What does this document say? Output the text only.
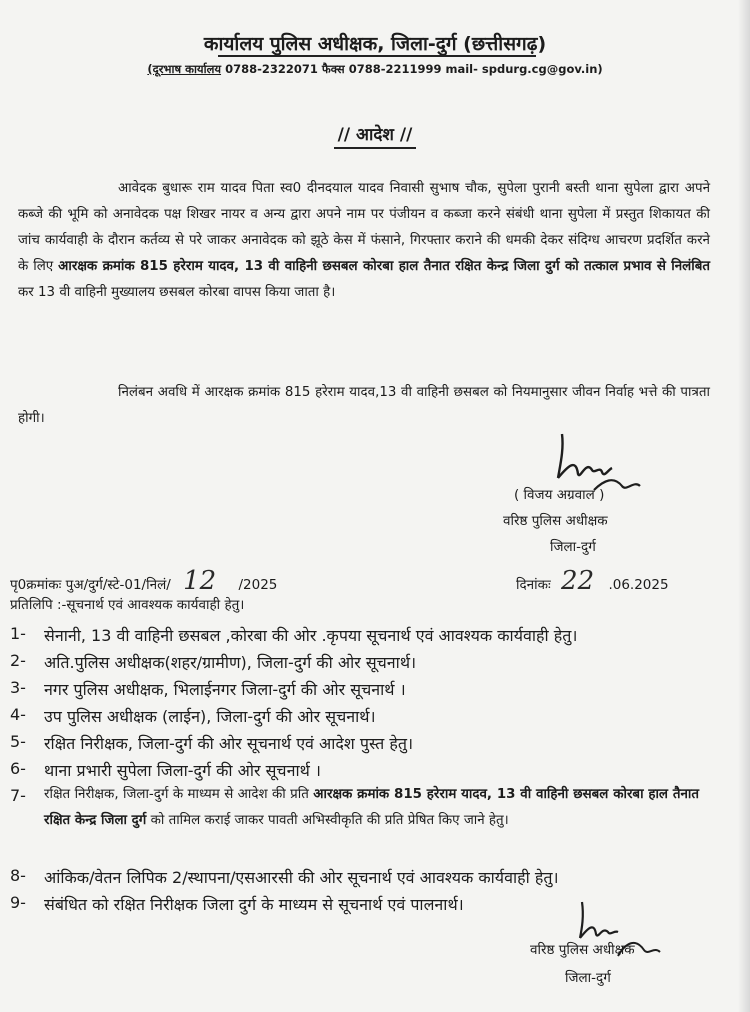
कार्यालय पुलिस अधीक्षक, जिला-दुर्ग (छत्तीसगढ़)
(दूरभाष कार्यालय 0788-2322071 फैक्स 0788-2211999 mail- spdurg.cg@gov.in)
// आदेश //

आवेदक बुधारू राम यादव पिता स्व0 दीनदयाल यादव निवासी सुभाष चौक, सुपेला पुरानी बस्ती थाना सुपेला द्वारा अपने कब्जे की भूमि को अनावेदक पक्ष शिखर नायर व अन्य द्वारा अपने नाम पर पंजीयन व कब्जा करने संबंधी थाना सुपेला में प्रस्तुत शिकायत की जांच कार्यवाही के दौरान कर्तव्य से परे जाकर अनावेदक को झूठे केस में फंसाने, गिरफ्तार कराने की धमकी देकर संदिग्ध आचरण प्रदर्शित करने के लिए आरक्षक क्रमांक 815 हरेराम यादव, 13 वी वाहिनी छसबल कोरबा हाल तैनात रक्षित केन्द्र जिला दुर्ग को तत्काल प्रभाव से निलंबित कर 13 वी वाहिनी मुख्यालय छसबल कोरबा वापस किया जाता है।

निलंबन अवधि में आरक्षक क्रमांक 815 हरेराम यादव,13 वी वाहिनी छसबल को नियमानुसार जीवन निर्वाह भत्ते की पात्रता होगी।

( विजय अग्रवाल )
वरिष्ठ पुलिस अधीक्षक
जिला-दुर्ग
पृ0क्रमांकः पुअ/दुर्ग/स्टे-01/निलं/ 12 /2025	दिनांकः 22 .06.2025
प्रतिलिपि :-सूचनार्थ एवं आवश्यक कार्यवाही हेतु।
1- सेनानी, 13 वी वाहिनी छसबल ,कोरबा की ओर .कृपया सूचनार्थ एवं आवश्यक कार्यवाही हेतु।
2- अति.पुलिस अधीक्षक(शहर/ग्रामीण), जिला-दुर्ग की ओर सूचनार्थ।
3- नगर पुलिस अधीक्षक, भिलाईनगर जिला-दुर्ग की ओर सूचनार्थ ।
4- उप पुलिस अधीक्षक (लाईन), जिला-दुर्ग की ओर सूचनार्थ।
5- रक्षित निरीक्षक, जिला-दुर्ग की ओर सूचनार्थ एवं आदेश पुस्त हेतु।
6- थाना प्रभारी सुपेला जिला-दुर्ग की ओर सूचनार्थ ।
7- रक्षित निरीक्षक, जिला-दुर्ग के माध्यम से आदेश की प्रति आरक्षक क्रमांक 815 हरेराम यादव, 13 वी वाहिनी छसबल कोरबा हाल तैनात रक्षित केन्द्र जिला दुर्ग को तामिल कराई जाकर पावती अभिस्वीकृति की प्रति प्रेषित किए जाने हेतु।
8- आंकिक/वेतन लिपिक 2/स्थापना/एसआरसी की ओर सूचनार्थ एवं आवश्यक कार्यवाही हेतु।
9- संबंधित को रक्षित निरीक्षक जिला दुर्ग के माध्यम से सूचनार्थ एवं पालनार्थ।
वरिष्ठ पुलिस अधीक्षक
जिला-दुर्ग
